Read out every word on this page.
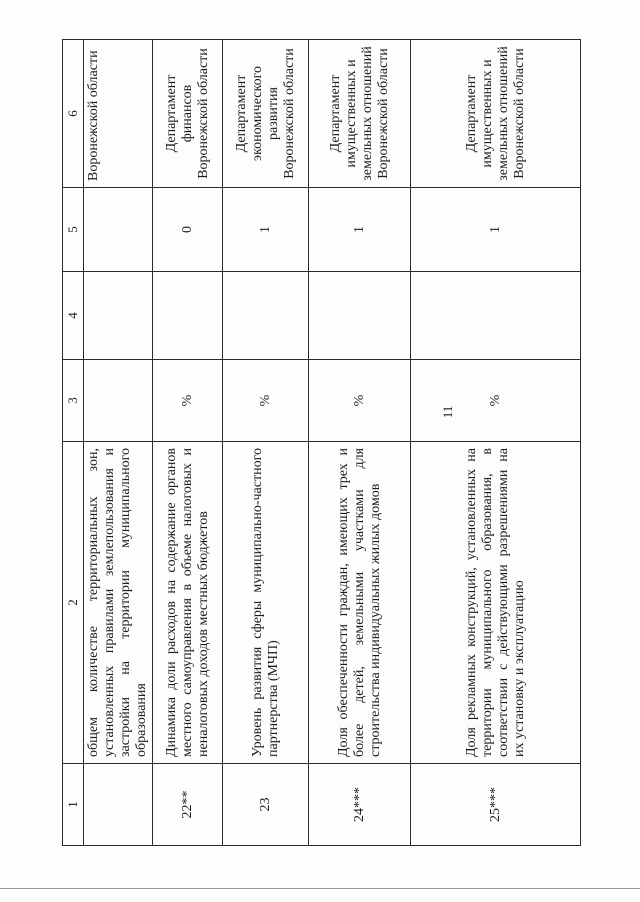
11
1	2	3	4	5	6
	общем количестве территориальных зон, установленных правилами землепользования и застройки на территории муниципального образования				Воронежской области
22**	Динамика доли расходов на содержание органов местного самоуправления в объеме налоговых и неналоговых доходов местных бюджетов	%		0	Департамент финансов Воронежской области
23	Уровень развития сферы муниципально-частного партнерства (МЧП)	%		1	Департамент экономического развития Воронежской области
24***	Доля обеспеченности граждан, имеющих трех и более детей, земельными участками для строительства индивидуальных жилых домов	%		1	Департамент имущественных и земельных отношений Воронежской области
25***	Доля рекламных конструкций, установленных на территории муниципального образования, в соответствии с действующими разрешениями на их установку и эксплуатацию	%		1	Департамент имущественных и земельных отношений Воронежской области
